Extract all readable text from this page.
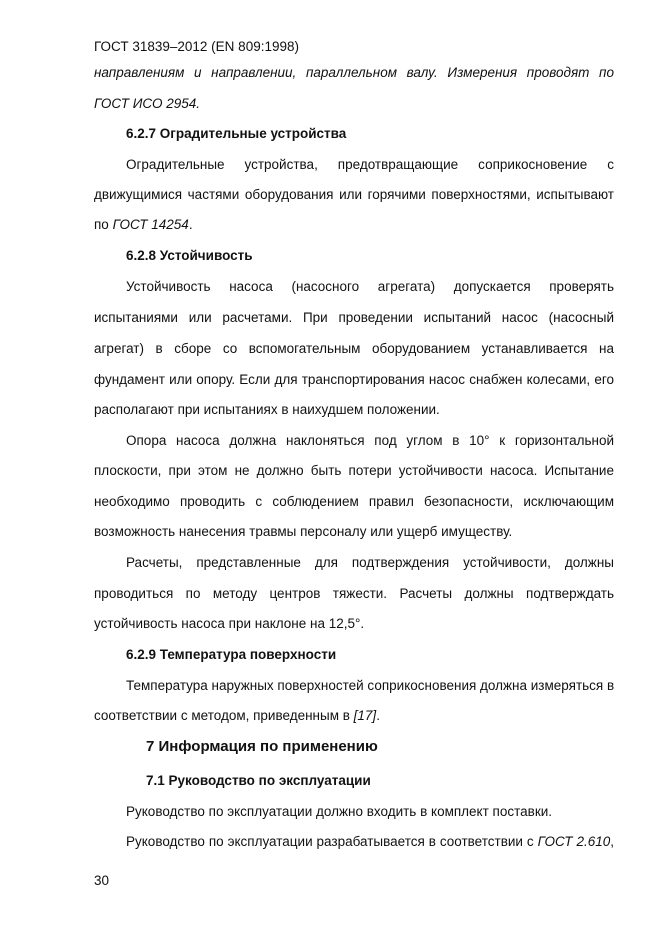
ГОСТ 31839–2012 (EN 809:1998)
направлениям и направлении, параллельном валу. Измерения проводят по
ГОСТ ИСО 2954.
6.2.7 Оградительные устройства
Оградительные устройства, предотвращающие соприкосновение с
движущимися частями оборудования или горячими поверхностями, испытывают
по ГОСТ 14254.
6.2.8 Устойчивость
Устойчивость насоса (насосного агрегата) допускается проверять
испытаниями или расчетами. При проведении испытаний насос (насосный
агрегат) в сборе со вспомогательным оборудованием устанавливается на
фундамент или опору. Если для транспортирования насос снабжен колесами, его
располагают при испытаниях в наихудшем положении.
Опора насоса должна наклоняться под углом в 10° к горизонтальной
плоскости, при этом не должно быть потери устойчивости насоса. Испытание
необходимо проводить с соблюдением правил безопасности, исключающим
возможность нанесения травмы персоналу или ущерб имуществу.
Расчеты, представленные для подтверждения устойчивости, должны
проводиться по методу центров тяжести. Расчеты должны подтверждать
устойчивость насоса при наклоне на 12,5°.
6.2.9 Температура поверхности
Температура наружных поверхностей соприкосновения должна измеряться в
соответствии с методом, приведенным в [17].
7 Информация по применению
7.1 Руководство по эксплуатации
Руководство по эксплуатации должно входить в комплект поставки.
Руководство по эксплуатации разрабатывается в соответствии с ГОСТ 2.610,
30
